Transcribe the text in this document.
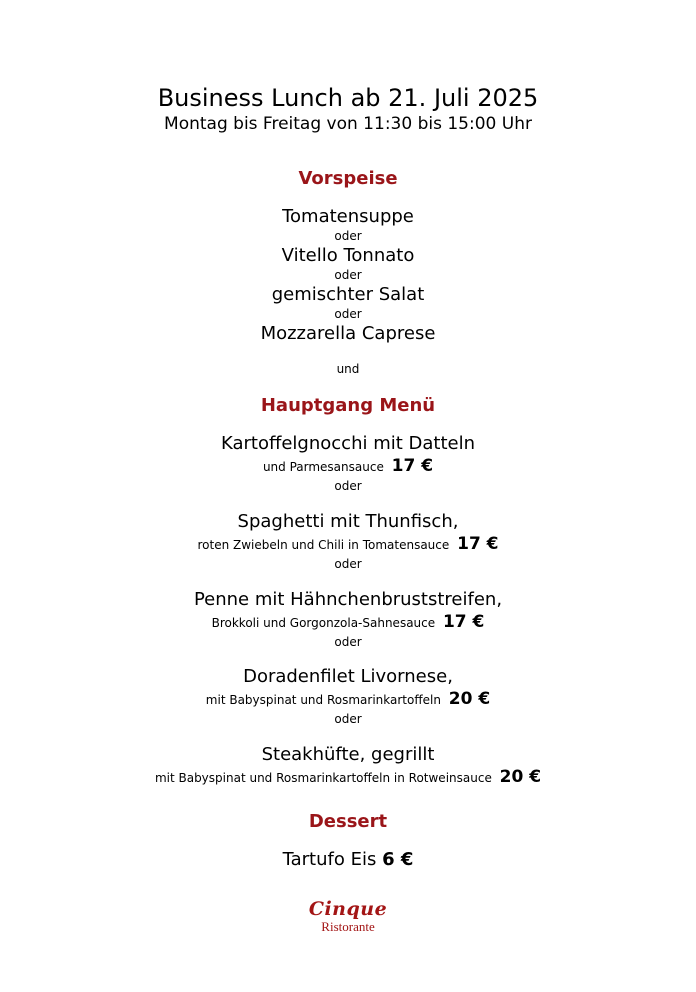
Business Lunch ab 21. Juli 2025
Montag bis Freitag von 11:30 bis 15:00 Uhr
Vorspeise
Tomatensuppe
oder
Vitello Tonnato
oder
gemischter Salat
oder
Mozzarella Caprese
und
Hauptgang Menü
Kartoffelgnocchi mit Datteln
und Parmesansauce 17 €
oder
Spaghetti mit Thunfisch,
roten Zwiebeln und Chili in Tomatensauce 17 €
oder
Penne mit Hähnchenbruststreifen,
Brokkoli und Gorgonzola-Sahnesauce 17 €
oder
Doradenfilet Livornese,
mit Babyspinat und Rosmarinkartoffeln 20 €
oder
Steakhüfte, gegrillt
mit Babyspinat und Rosmarinkartoffeln in Rotweinsauce 20 €
Dessert
Tartufo Eis 6 €
Cinque
Ristorante
